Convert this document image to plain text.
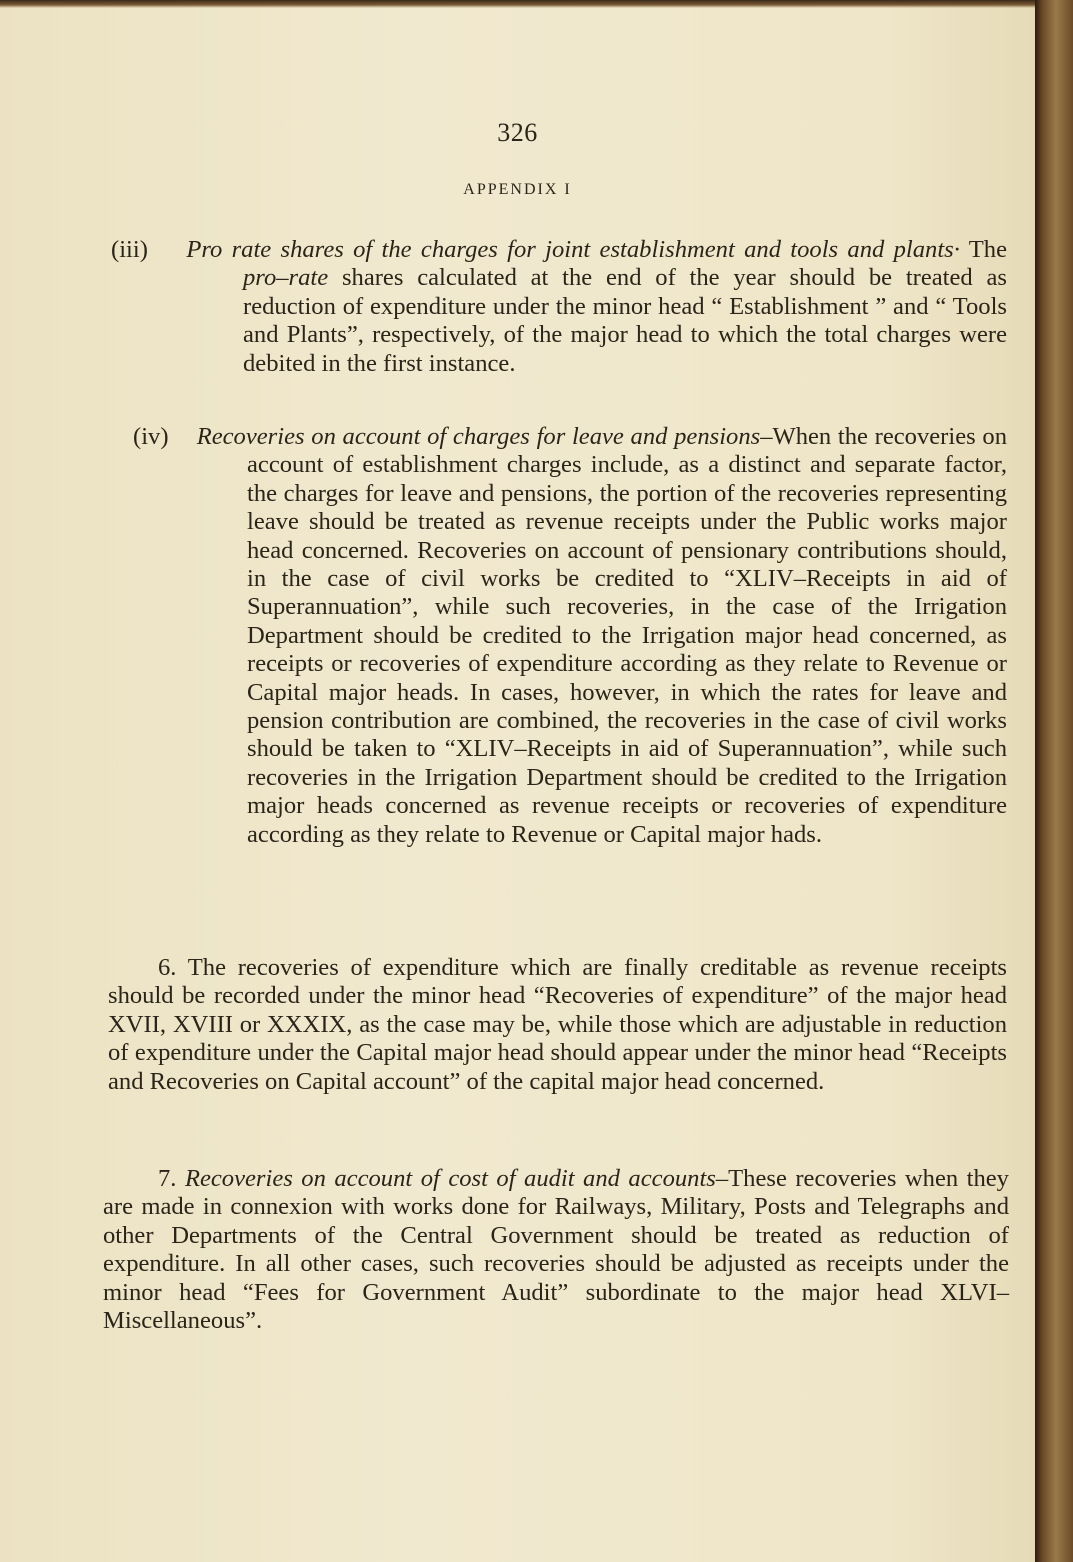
326
APPENDIX I
Pro rate shares of the charges for joint establishment and tools and plants· The pro–rate shares calculated at the end of the year should be treated as reduction of expenditure under the minor head “ Establishment ” and “ Tools and Plants”, respectively, of the major head to which the total charges were debited in the first instance.
Recoveries on account of charges for leave and pensions–When the recoveries on account of establishment charges include, as a distinct and separate factor, the charges for leave and pensions, the portion of the recoveries representing leave should be treated as revenue receipts under the Public works major head concerned. Recoveries on account of pensionary contributions should, in the case of civil works be credited to “XLIV–Receipts in aid of Superannuation”, while such recoveries, in the case of the Irrigation Department should be credited to the Irrigation major head concerned, as receipts or recoveries of expenditure according as they relate to Revenue or Capital major heads. In cases, however, in which the rates for leave and pension contribution are combined, the recoveries in the case of civil works should be taken to “XLIV–Receipts in aid of Superannuation”, while such recoveries in the Irrigation Department should be credited to the Irrigation major heads concerned as revenue receipts or recoveries of expenditure according as they relate to Revenue or Capital major hads.
6. The recoveries of expenditure which are finally creditable as revenue receipts should be recorded under the minor head “Recoveries of expenditure” of the major head XVII, XVIII or XXXIX, as the case may be, while those which are adjustable in reduction of expenditure under the Capital major head should appear under the minor head “Receipts and Recoveries on Capital account” of the capital major head concerned.
7. Recoveries on account of cost of audit and accounts–These recoveries when they are made in connexion with works done for Railways, Military, Posts and Telegraphs and other Departments of the Central Government should be treated as reduction of expenditure. In all other cases, such recoveries should be adjusted as receipts under the minor head “Fees for Government Audit” subordinate to the major head XLVI–Miscellaneous”.
